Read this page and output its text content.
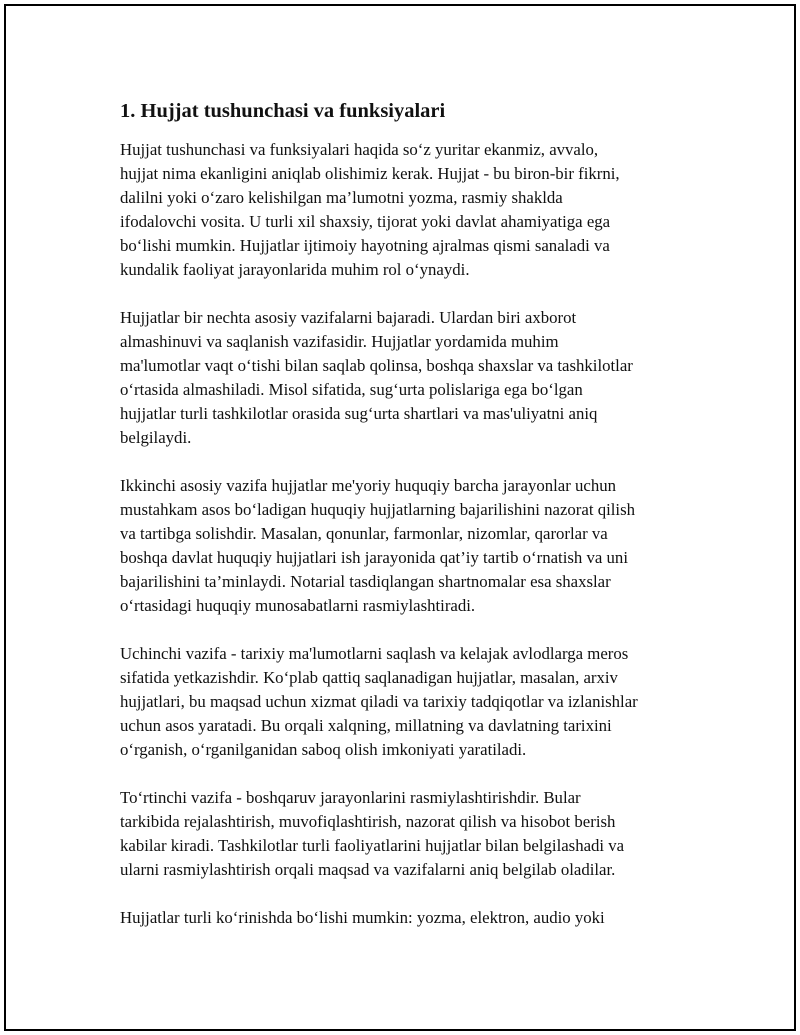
1. Hujjat tushunchasi va funksiyalari
Hujjat tushunchasi va funksiyalari haqida so‘z yuritar ekanmiz, avvalo,
hujjat nima ekanligini aniqlab olishimiz kerak. Hujjat - bu biron-bir fikrni,
dalilni yoki o‘zaro kelishilgan ma’lumotni yozma, rasmiy shaklda
ifodalovchi vosita. U turli xil shaxsiy, tijorat yoki davlat ahamiyatiga ega
bo‘lishi mumkin. Hujjatlar ijtimoiy hayotning ajralmas qismi sanaladi va
kundalik faoliyat jarayonlarida muhim rol o‘ynaydi.
Hujjatlar bir nechta asosiy vazifalarni bajaradi. Ulardan biri axborot
almashinuvi va saqlanish vazifasidir. Hujjatlar yordamida muhim
ma'lumotlar vaqt o‘tishi bilan saqlab qolinsa, boshqa shaxslar va tashkilotlar
o‘rtasida almashiladi. Misol sifatida, sug‘urta polislariga ega bo‘lgan
hujjatlar turli tashkilotlar orasida sug‘urta shartlari va mas'uliyatni aniq
belgilaydi.
Ikkinchi asosiy vazifa hujjatlar me'yoriy huquqiy barcha jarayonlar uchun
mustahkam asos bo‘ladigan huquqiy hujjatlarning bajarilishini nazorat qilish
va tartibga solishdir. Masalan, qonunlar, farmonlar, nizomlar, qarorlar va
boshqa davlat huquqiy hujjatlari ish jarayonida qat’iy tartib o‘rnatish va uni
bajarilishini ta’minlaydi. Notarial tasdiqlangan shartnomalar esa shaxslar
o‘rtasidagi huquqiy munosabatlarni rasmiylashtiradi.
Uchinchi vazifa - tarixiy ma'lumotlarni saqlash va kelajak avlodlarga meros
sifatida yetkazishdir. Ko‘plab qattiq saqlanadigan hujjatlar, masalan, arxiv
hujjatlari, bu maqsad uchun xizmat qiladi va tarixiy tadqiqotlar va izlanishlar
uchun asos yaratadi. Bu orqali xalqning, millatning va davlatning tarixini
o‘rganish, o‘rganilganidan saboq olish imkoniyati yaratiladi.
To‘rtinchi vazifa - boshqaruv jarayonlarini rasmiylashtirishdir. Bular
tarkibida rejalashtirish, muvofiqlashtirish, nazorat qilish va hisobot berish
kabilar kiradi. Tashkilotlar turli faoliyatlarini hujjatlar bilan belgilashadi va
ularni rasmiylashtirish orqali maqsad va vazifalarni aniq belgilab oladilar.
Hujjatlar turli ko‘rinishda bo‘lishi mumkin: yozma, elektron, audio yoki
